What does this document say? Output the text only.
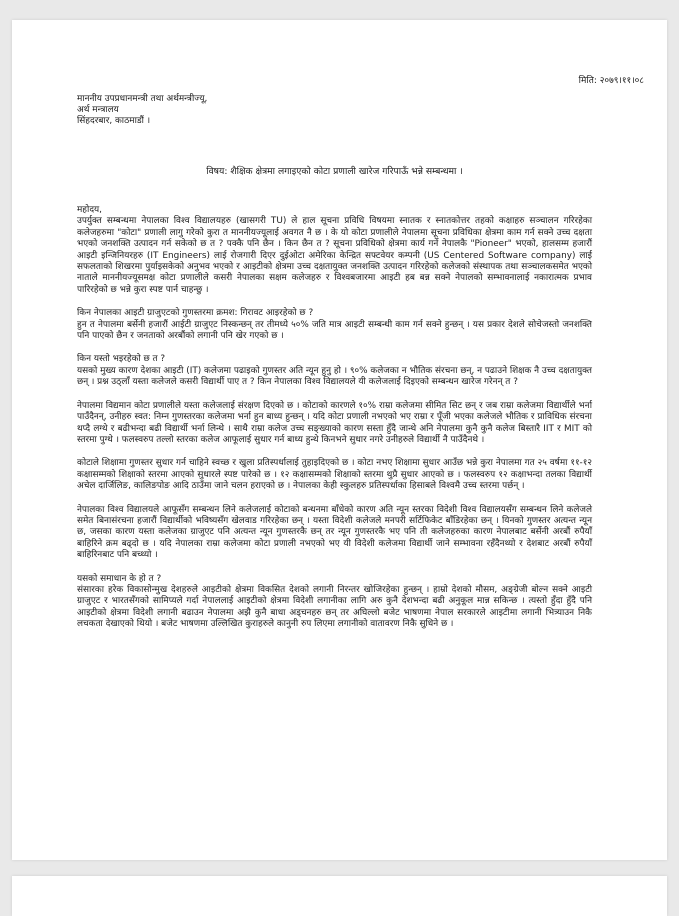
मिति: २०७९।११।०८
माननीय उपप्रधानमन्त्री तथा अर्थमन्त्रीज्यू,
अर्थ मन्त्रालय
सिंहदरबार, काठमाडौं ।
विषय: शैक्षिक क्षेत्रमा लगाइएको कोटा प्रणाली खारेज गरिपाऊँ भन्ने सम्बन्धमा ।
महोदय,

उपर्युक्त सम्बन्धमा नेपालका विश्व विद्यालयहरु (खासगरी TU) ले हाल सूचना प्रविधि विषयमा स्नातक र स्नातकोत्तर तहको कक्षाहरु सञ्चालन गरिरहेका कलेजहरुमा "कोटा" प्रणाली लागु गरेको कुरा त माननीयज्यूलाई अवगत नै छ । के यो कोटा प्रणालीले नेपालमा सूचना प्रविधिका क्षेत्रमा काम गर्न सक्ने उच्च दक्षता भएको जनशक्ति उत्पादन गर्न सकेको छ त ? पक्कै पनि छैन । किन छैन त ? सूचना प्रविधिको क्षेत्रमा कार्य गर्ने नेपालकै "Pioneer" भएको, हालसम्म हजारौं आइटी इन्जिनियरहरु (IT Engineers) लाई रोजगारी दिएर दुईओटा अमेरिका केन्द्रित सफ्टवेयर कम्पनी (US Centered Software company) लाई सफलताको शिखरमा पुर्याइसकेको अनुभव भएको र आइटीको क्षेत्रमा उच्च दक्षतायुक्त जनशक्ति उत्पादन गरिरहेको कलेजको संस्थापक तथा सञ्चालकसमेत भएको नाताले माननीयज्यूसमक्ष कोटा प्रणालीले कसरी नेपालका सक्षम कलेजहरु र विश्वबजारमा आइटी हब बन्न सक्ने नेपालको सम्भावनालाई नकारात्मक प्रभाव पारिरहेको छ भन्ने कुरा स्पष्ट पार्न चाहन्छु ।

किन नेपालका आइटी ग्राजुएटको गुणस्तरमा क्रमश: गिरावट आइरहेको छ ?

हुन त नेपालमा बर्सेनी हजारौं आईटी ग्राजुएट निस्कन्छन् तर तीमध्ये ५०% जति मात्र आइटी सम्बन्धी काम गर्न सक्ने हुन्छन् । यस प्रकार देशले सोचेजस्तो जनशक्ति पनि पाएको छैन र जनताको अरबौंको लगानी पनि खेर गएको छ ।

किन यस्तो भइरहेको छ त ?

यसको मुख्य कारण देशका आइटी (IT) कलेजमा पढाइको गुणस्तर अति न्यून हुनु हो । ९०% कलेजका न भौतिक संरचना छन्, न पढाउने शिक्षक नै उच्च दक्षतायुक्त छन् । प्रश्न उठ्लाँ यस्ता कलेजले कसरी विद्यार्थी पाए त ? किन नेपालका विश्व विद्यालयले यी कलेजलाई दिइएको सम्बन्धन खारेज गरेनन् त ?

नेपालमा विद्यमान कोटा प्रणालीले यस्ता कलेजलाई संरक्षण दिएको छ । कोटाको कारणले १०% राम्रा कलेजमा सीमित सिट छन् र जब राम्रा कलेजमा विद्यार्थीले भर्ना पाउँदैनन्, उनीहरु स्वत: निम्न गुणस्तरका कलेजमा भर्ना हुन बाध्य हुन्छन् । यदि कोटा प्रणाली नभएको भए राम्रा र पूँजी भएका कलेजले भौतिक र प्राविधिक संरचना थप्दै लग्थे र बढीभन्दा बढी विद्यार्थी भर्ना लिन्थे । साथै राम्रा कलेज उच्च सङ्ख्याको कारण सस्ता हुँदै जान्थे अनि नेपालमा कुनै कुनै कलेज बिस्तारै IIT र MIT को स्तरमा पुग्थे । फलस्वरुप तल्लो स्तरका कलेज आफूलाई सुधार गर्न बाध्य हुन्थे किनभने सुधार नगरे उनीहरुले विद्यार्थी नै पाउँदैनथे ।

कोटाले शिक्षामा गुणस्तर सुधार गर्न चाहिने स्वच्छ र खुला प्रतिस्पर्धालाई तुहाइदिएको छ । कोटा नभए शिक्षामा सुधार आउँछ भन्ने कुरा नेपालमा गत २५ वर्षमा ११-१२ कक्षासम्मको शिक्षाको स्तरमा आएको सुधारले स्पष्ट पारेको छ । १२ कक्षासम्मको शिक्षाको स्तरमा थुप्रै सुधार आएको छ । फलस्वरुप १२ कक्षाभन्दा तलका विद्यार्थी अचेल दार्जिलिङ, कालिङपोङ आदि ठाउँमा जाने चलन हराएको छ । नेपालका केही स्कुलहरु प्रतिस्पर्धाका हिसाबले विश्वमै उच्च स्तरमा पर्छन् ।

नेपालका विश्व विद्यालयले आफूसँग सम्बन्धन लिने कलेजलाई कोटाको बन्धनमा बाँधेको कारण अति न्यून स्तरका विदेशी विश्व विद्यालयसँग सम्बन्धन लिने कलेजले समेत बिनासंरचना हजारौं विद्यार्थीको भविष्यसँग खेलवाड गरिरहेका छन् । यस्ता विदेशी कलेजले मनपरी सर्टिफिकेट बाँडिरहेका छन् । यिनको गुणस्तर अत्यन्त न्यून छ, जसका कारण यस्ता कलेजका ग्राजुएट पनि अत्यन्त न्यून गुणस्तरकै छन् तर न्यून गुणस्तरकै भए पनि ती कलेजहरुका कारण नेपालबाट बर्सेनी अरबौं रुपैयाँ बाहिरिने क्रम बढ्दो छ । यदि नेपालका राम्रा कलेजमा कोटा प्रणाली नभएको भए यी विदेशी कलेजमा विद्यार्थी जाने सम्भावना रहँदैनथ्यो र देशबाट अरबौं रुपैयाँ बाहिरिनबाट पनि बच्थ्यो ।

यसको समाधान के हो त ?

संसारका हरेक विकासोन्मुख देशहरुले आइटीको क्षेत्रमा विकसित देशको लगानी निरन्तर खोजिरहेका हुन्छन् । हाम्रो देशको मौसम, अङ्ग्रेजी बोल्न सक्ने आइटी ग्राजुएट र भारतसँगको सामिप्यले गर्दा नेपाललाई आइटीको क्षेत्रमा विदेशी लगानीका लागि अरु कुनै देशभन्दा बढी अनुकूल मान्न सकिन्छ । त्यस्तो हुँदा हुँदै पनि आइटीको क्षेत्रमा विदेशी लगानी बढाउन नेपालमा अझै कुनै बाधा अड्चनहरु छन् तर अघिल्लो बजेट भाषणमा नेपाल सरकारले आइटीमा लगानी भित्र्याउन निकै लचकता देखाएको थियो । बजेट भाषणमा उल्लिखित कुराहरुले कानुनी रुप लिएमा लगानीको वातावरण निकै सुधिने छ ।
